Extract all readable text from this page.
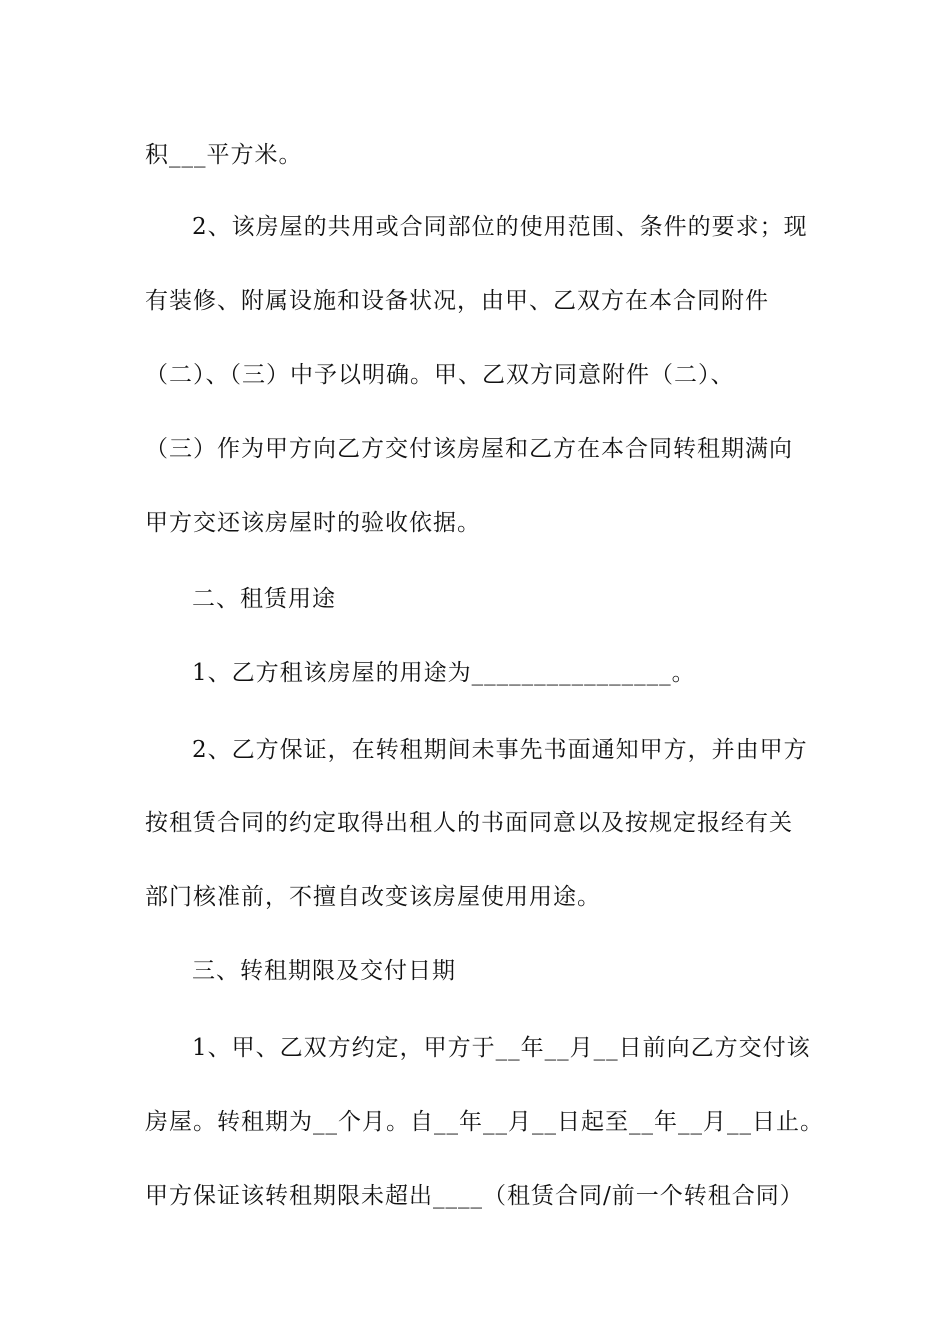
积___平方米。
2、该房屋的共用或合同部位的使用范围、条件的要求；现
有装修、附属设施和设备状况，由甲、乙双方在本合同附件
（二）、（三）中予以明确。甲、乙双方同意附件（二）、
（三）作为甲方向乙方交付该房屋和乙方在本合同转租期满向
甲方交还该房屋时的验收依据。
二、租赁用途
1、乙方租该房屋的用途为________________。
2、乙方保证，在转租期间未事先书面通知甲方，并由甲方
按租赁合同的约定取得出租人的书面同意以及按规定报经有关
部门核准前，不擅自改变该房屋使用用途。
三、转租期限及交付日期
1、甲、乙双方约定，甲方于__年__月__日前向乙方交付该
房屋。转租期为__个月。自__年__月__日起至__年__月__日止。
甲方保证该转租期限未超出____（租赁合同/前一个转租合同）
